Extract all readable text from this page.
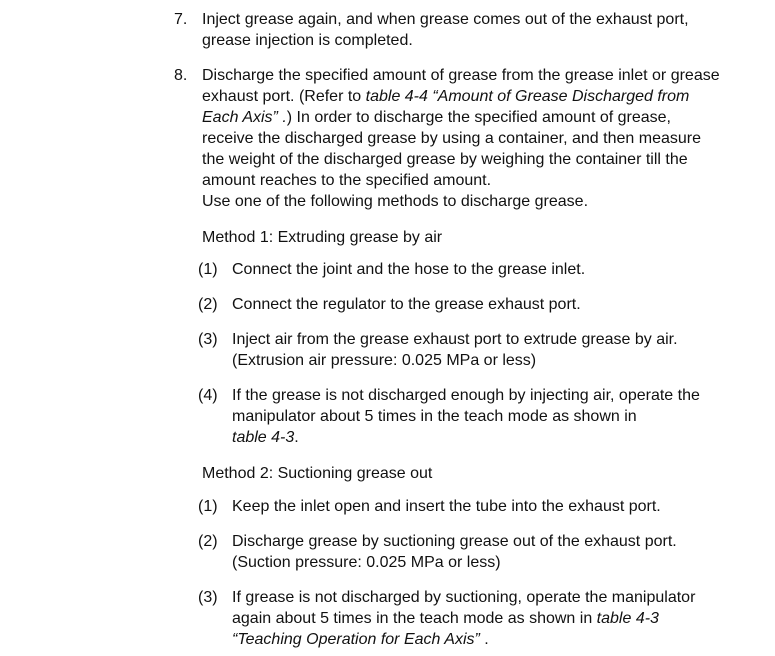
7. Inject grease again, and when grease comes out of the exhaust port, grease injection is completed.
8. Discharge the specified amount of grease from the grease inlet or grease exhaust port. (Refer to table 4-4 “Amount of Grease Discharged from Each Axis” .) In order to discharge the specified amount of grease, receive the discharged grease by using a container, and then measure the weight of the discharged grease by weighing the container till the amount reaches to the specified amount.
Use one of the following methods to discharge grease.
Method 1: Extruding grease by air
(1) Connect the joint and the hose to the grease inlet.
(2) Connect the regulator to the grease exhaust port.
(3) Inject air from the grease exhaust port to extrude grease by air.
(Extrusion air pressure: 0.025 MPa or less)
(4) If the grease is not discharged enough by injecting air, operate the manipulator about 5 times in the teach mode as shown in
table 4-3.
Method 2: Suctioning grease out
(1) Keep the inlet open and insert the tube into the exhaust port.
(2) Discharge grease by suctioning grease out of the exhaust port.
(Suction pressure: 0.025 MPa or less)
(3) If grease is not discharged by suctioning, operate the manipulator again about 5 times in the teach mode as shown in table 4-3 “Teaching Operation for Each Axis” .
